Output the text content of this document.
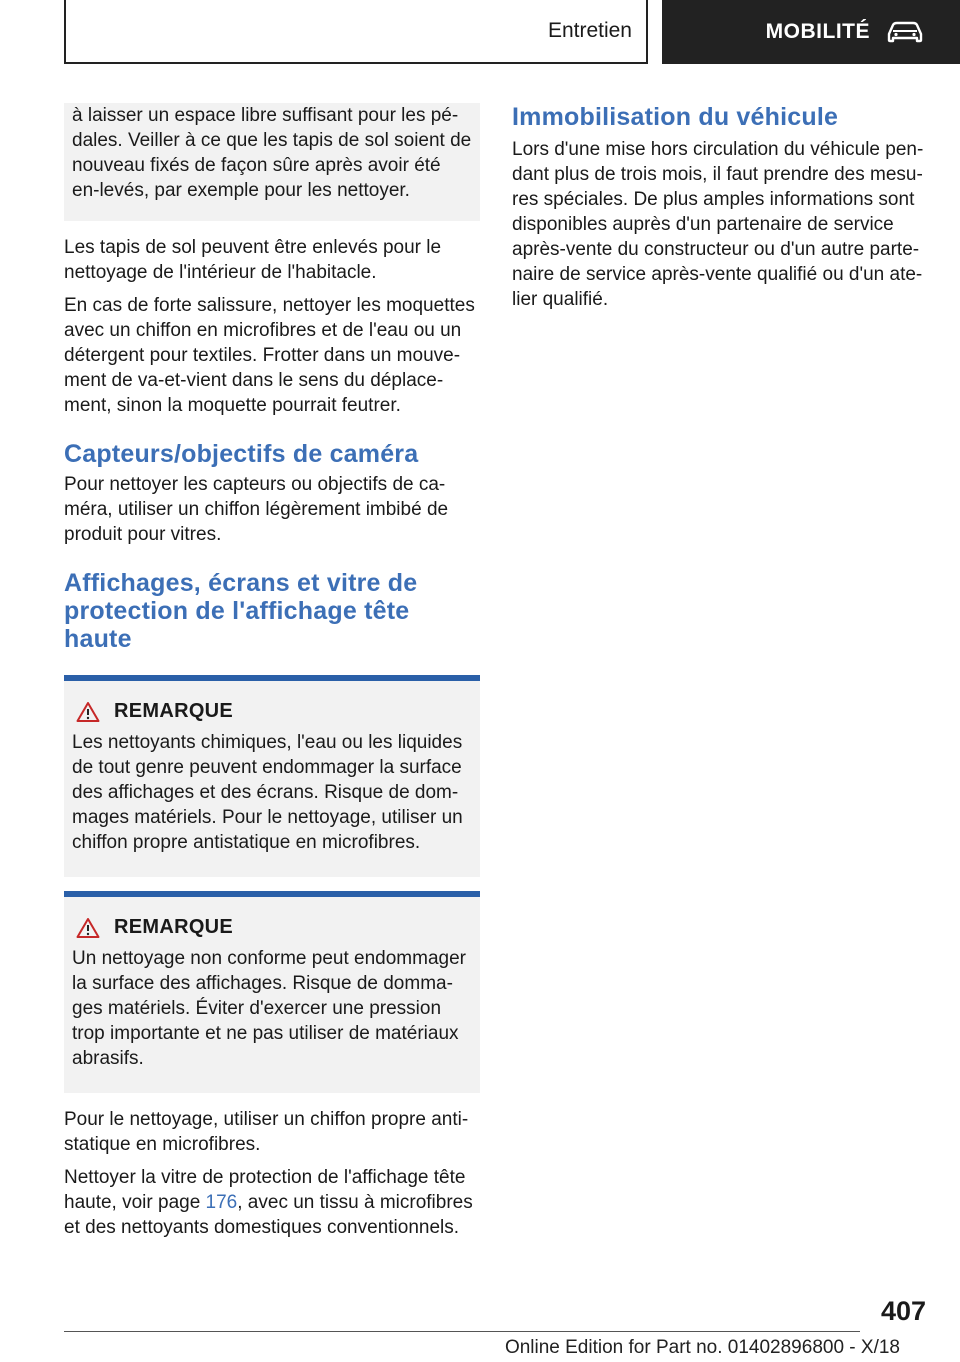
Entretien	MOBILITÉ
à laisser un espace libre suffisant pour les pé-dales. Veiller à ce que les tapis de sol soient de nouveau fixés de façon sûre après avoir été en-levés, par exemple pour les nettoyer.

Les tapis de sol peuvent être enlevés pour le nettoyage de l'intérieur de l'habitacle.

En cas de forte salissure, nettoyer les moquettes avec un chiffon en microfibres et de l'eau ou un détergent pour textiles. Frotter dans un mouve-ment de va-et-vient dans le sens du déplace-ment, sinon la moquette pourrait feutrer.

Capteurs/objectifs de caméra

Pour nettoyer les capteurs ou objectifs de ca-méra, utiliser un chiffon légèrement imbibé de produit pour vitres.

Affichages, écrans et vitre de protection de l'affichage tête haute
REMARQUE
Les nettoyants chimiques, l'eau ou les liquides de tout genre peuvent endommager la surface des affichages et des écrans. Risque de dom-mages matériels. Pour le nettoyage, utiliser un chiffon propre antistatique en microfibres.
REMARQUE
Un nettoyage non conforme peut endommager la surface des affichages. Risque de domma-ges matériels. Éviter d'exercer une pression trop importante et ne pas utiliser de matériaux abrasifs.

Pour le nettoyage, utiliser un chiffon propre anti-statique en microfibres.

Nettoyer la vitre de protection de l'affichage tête haute, voir page 176, avec un tissu à microfibres et des nettoyants domestiques conventionnels.

Immobilisation du véhicule

Lors d'une mise hors circulation du véhicule pen-dant plus de trois mois, il faut prendre des mesu-res spéciales. De plus amples informations sont disponibles auprès d'un partenaire de service après-vente du constructeur ou d'un autre parte-naire de service après-vente qualifié ou d'un ate-lier qualifié.

407
Online Edition for Part no. 01402896800 - X/18
